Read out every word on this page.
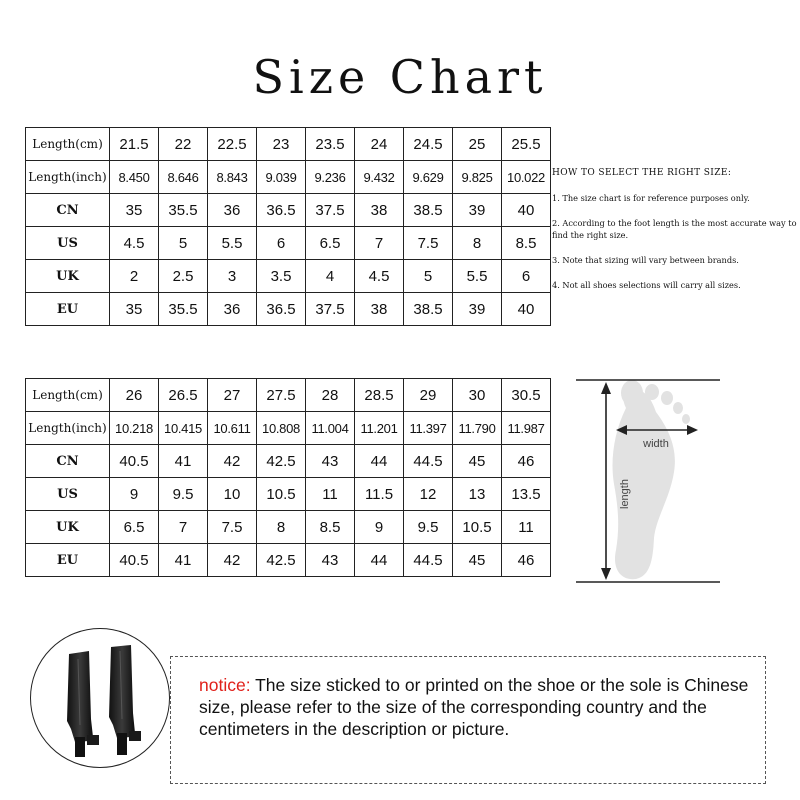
Size Chart
Length(cm)	21.5	22	22.5	23	23.5	24	24.5	25	25.5
Length(inch)	8.450	8.646	8.843	9.039	9.236	9.432	9.629	9.825	10.022
CN	35	35.5	36	36.5	37.5	38	38.5	39	40
US	4.5	5	5.5	6	6.5	7	7.5	8	8.5
UK	2	2.5	3	3.5	4	4.5	5	5.5	6
EU	35	35.5	36	36.5	37.5	38	38.5	39	40
Length(cm)	26	26.5	27	27.5	28	28.5	29	30	30.5
Length(inch)	10.218	10.415	10.611	10.808	11.004	11.201	11.397	11.790	11.987
CN	40.5	41	42	42.5	43	44	44.5	45	46
US	9	9.5	10	10.5	11	11.5	12	13	13.5
UK	6.5	7	7.5	8	8.5	9	9.5	10.5	11
EU	40.5	41	42	42.5	43	44	44.5	45	46
HOW TO SELECT THE RIGHT SIZE:
1. The size chart is for reference purposes only.
2. According to the foot length is the most accurate way to find the right size.
3. Note that sizing will vary between brands.
4. Not all shoes selections will carry all sizes.
width
length
notice: The size sticked to or printed on the shoe or the sole is Chinese size, please refer to the size of the corresponding country and the centimeters in the description or picture.
